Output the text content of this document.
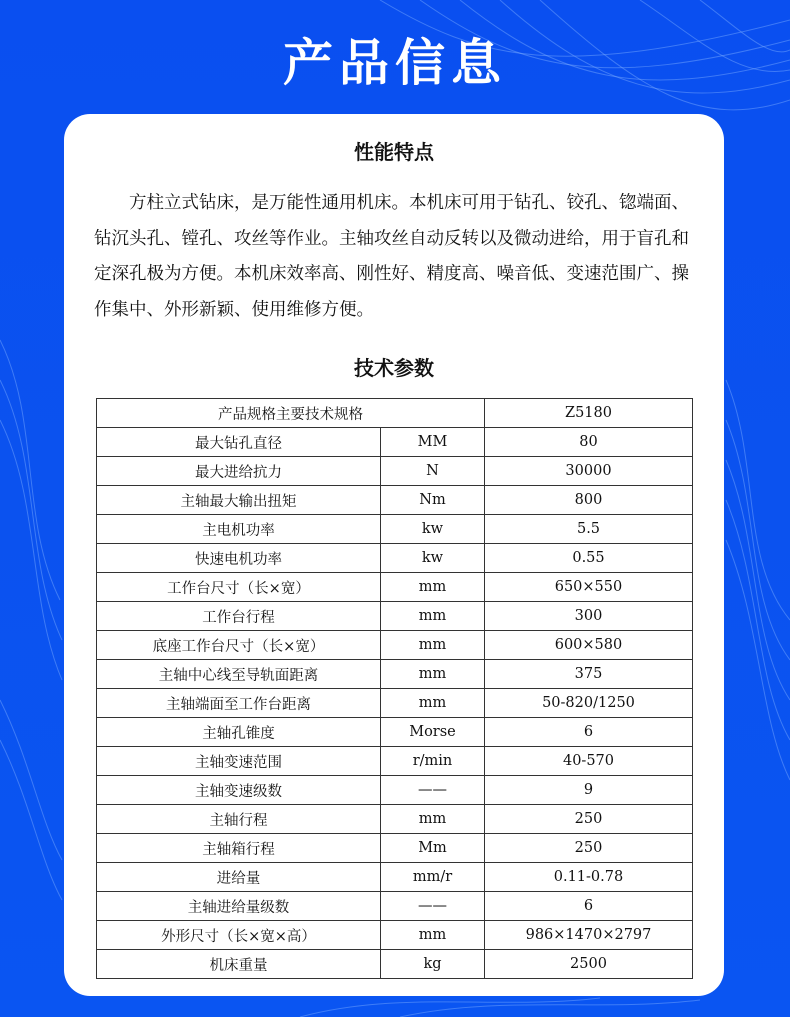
产品信息
性能特点

方柱立式钻床，是万能性通用机床。本机床可用于钻孔、铰孔、锪端面、钻沉头孔、镗孔、攻丝等作业。主轴攻丝自动反转以及微动进给，用于盲孔和定深孔极为方便。本机床效率高、刚性好、精度高、噪音低、变速范围广、操作集中、外形新颖、使用维修方便。

技术参数
产品规格主要技术规格		Z5180
最大钻孔直径	MM	80
最大进给抗力	N	30000
主轴最大输出扭矩	Nm	800
主电机功率	kw	5.5
快速电机功率	kw	0.55
工作台尺寸（长×宽）	mm	650×550
工作台行程	mm	300
底座工作台尺寸（长×宽）	mm	600×580
主轴中心线至导轨面距离	mm	375
主轴端面至工作台距离	mm	50-820/1250
主轴孔锥度	Morse	6
主轴变速范围	r/min	40-570
主轴变速级数	——	9
主轴行程	mm	250
主轴箱行程	Mm	250
进给量	mm/r	0.11-0.78
主轴进给量级数	——	6
外形尺寸（长×宽×高）	mm	986×1470×2797
机床重量	kg	2500
